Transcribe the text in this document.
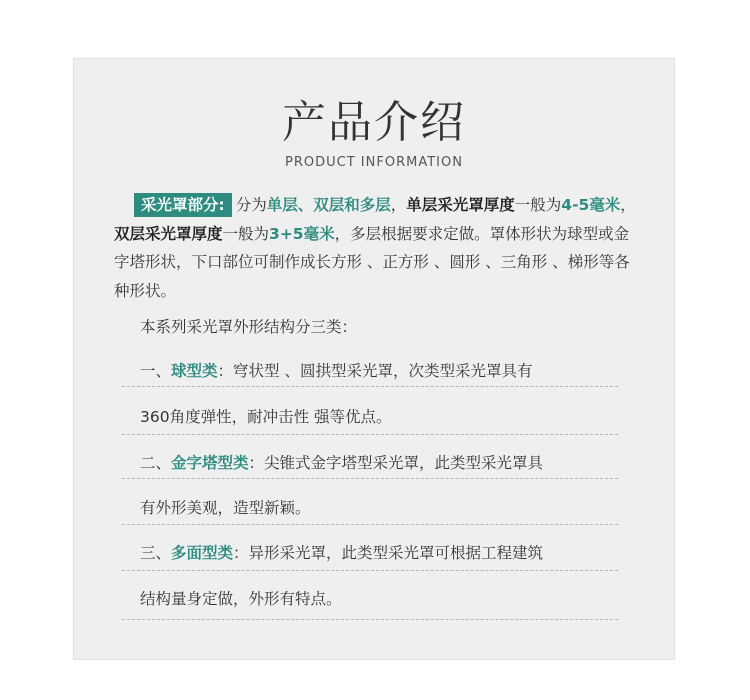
产品介绍
PRODUCT INFORMATION

采光罩部分: 分为单层、双层和多层，单层采光罩厚度一般为4-5毫米，双层采光罩厚度一般为3+5毫米，多层根据要求定做。罩体形状为球型或金字塔形状，下口部位可制作成长方形 、正方形 、圆形 、三角形 、梯形等各种形状。

本系列采光罩外形结构分三类：
一、球型类：穹状型 、圆拱型采光罩，次类型采光罩具有
360角度弹性，耐冲击性 强等优点。
二、金字塔型类：尖锥式金字塔型采光罩，此类型采光罩具
有外形美观，造型新颖。
三、多面型类：异形采光罩，此类型采光罩可根据工程建筑
结构量身定做，外形有特点。
